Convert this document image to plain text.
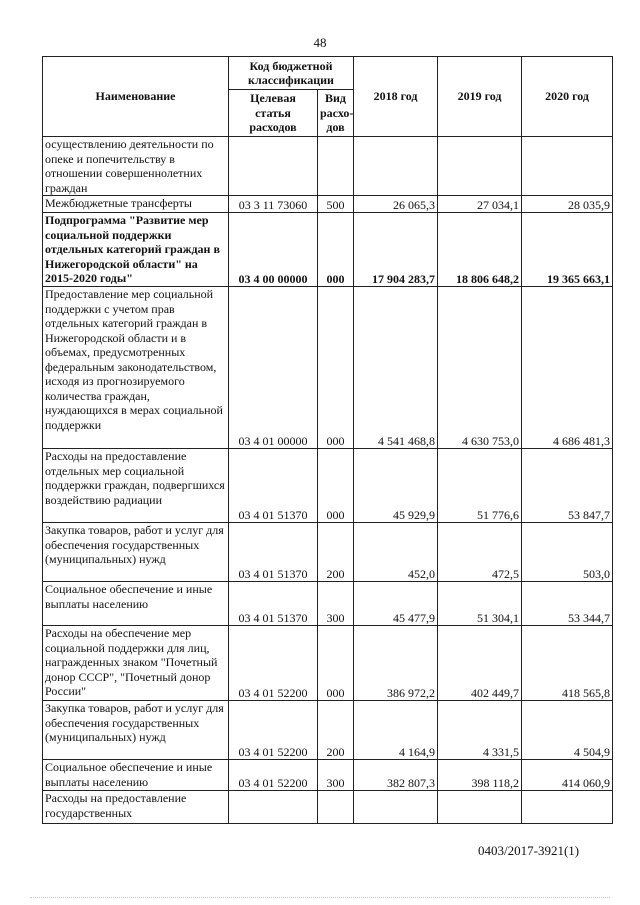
48
Наименование	Код бюджетной классификации		2018 год	2019 год	2020 год
	Целевая статья расходов	Вид расхо-дов			
осуществлению деятельности по опеке и попечительству в отношении совершеннолетних граждан					
Межбюджетные трансферты	03 3 11 73060	500	26 065,3	27 034,1	28 035,9
Подпрограмма "Развитие мер социальной поддержки отдельных категорий граждан в Нижегородской области" на 2015-2020 годы"	03 4 00 00000	000	17 904 283,7	18 806 648,2	19 365 663,1
Предоставление мер социальной поддержки с учетом прав отдельных категорий граждан в Нижегородской области и в объемах, предусмотренных федеральным законодательством, исходя из прогнозируемого количества граждан, нуждающихся в мерах социальной поддержки	03 4 01 00000	000	4 541 468,8	4 630 753,0	4 686 481,3
Расходы на предоставление отдельных мер социальной поддержки граждан, подвергшихся воздействию радиации	03 4 01 51370	000	45 929,9	51 776,6	53 847,7
Закупка товаров, работ и услуг для обеспечения государственных (муниципальных) нужд	03 4 01 51370	200	452,0	472,5	503,0
Социальное обеспечение и иные выплаты населению	03 4 01 51370	300	45 477,9	51 304,1	53 344,7
Расходы на обеспечение мер социальной поддержки для лиц, награжденных знаком "Почетный донор СССР", "Почетный донор России"	03 4 01 52200	000	386 972,2	402 449,7	418 565,8
Закупка товаров, работ и услуг для обеспечения государственных (муниципальных) нужд	03 4 01 52200	200	4 164,9	4 331,5	4 504,9
Социальное обеспечение и иные выплаты населению	03 4 01 52200	300	382 807,3	398 118,2	414 060,9
Расходы на предоставление государственных					
0403/2017-3921(1)
